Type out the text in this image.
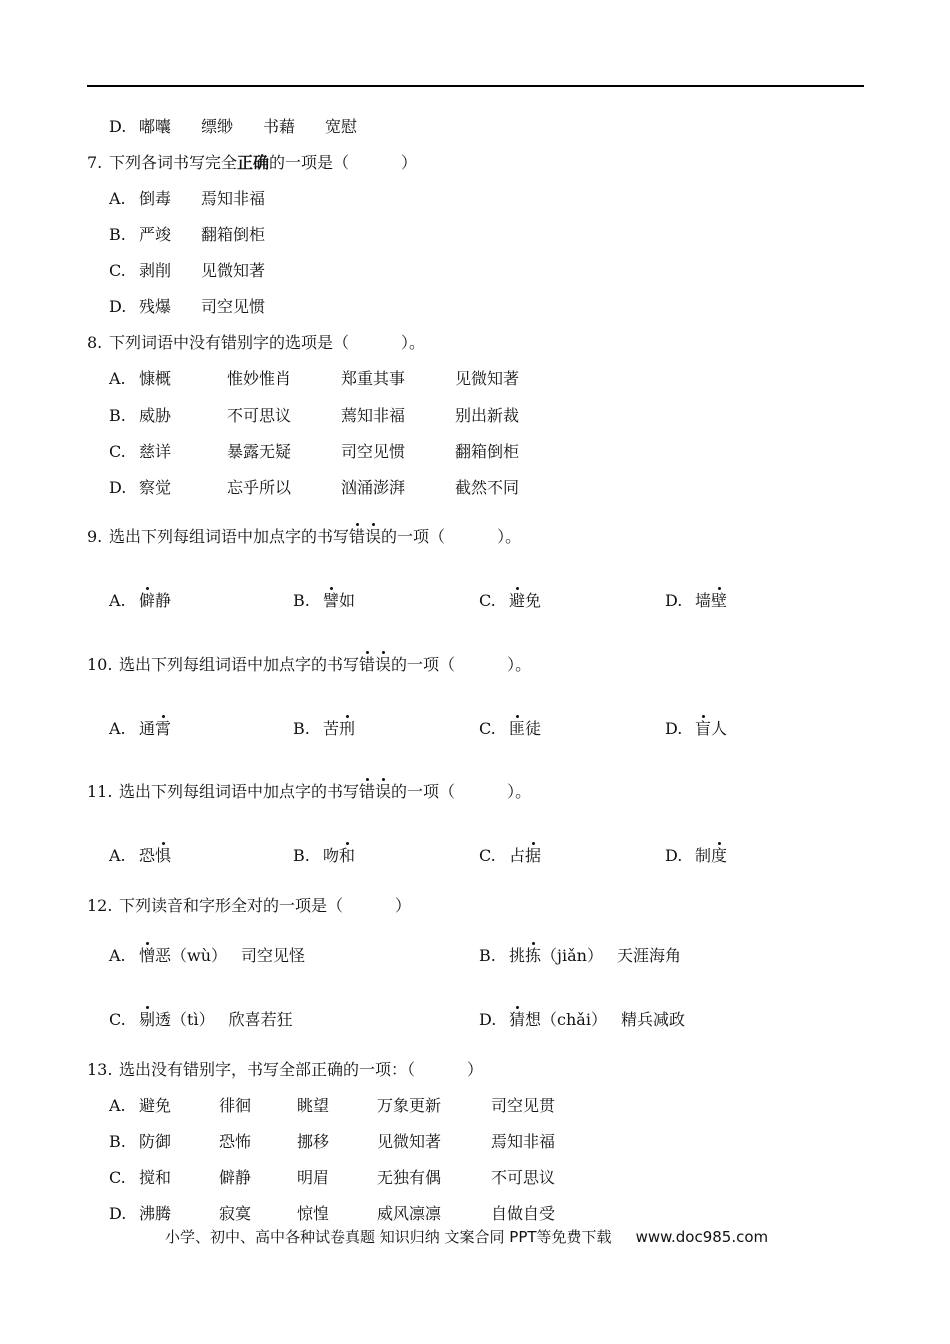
D. 嘟囔 缥缈 书藉 宽慰
7. 下列各词书写完全正确的一项是（	）
A. 倒毒 焉知非福
B. 严竣 翻箱倒柜
C. 剥削 见微知著
D. 残爆 司空见惯
8. 下列词语中没有错别字的选项是（	）。
A. 慷概	惟妙惟肖	郑重其事	见微知著
B. 威胁	不可思议	蔫知非福	别出新裁
C. 慈详	暴露无疑	司空见惯	翻箱倒柜
D. 察觉	忘乎所以	汹涌澎湃	截然不同
9. 选出下列每组词语中加点字的书写错误的一项（	）。
A. 僻静	B. 譬如	C. 避免	D. 墙壁
10. 选出下列每组词语中加点字的书写错误的一项（	）。
A. 通霄	B. 苦刑	C. 匪徒	D. 盲人
11. 选出下列每组词语中加点字的书写错误的一项（	）。
A. 恐惧	B. 吻和	C. 占据	D. 制度
12. 下列读音和字形全对的一项是（	）
A. 憎恶（wù） 司空见怪	B. 挑拣（jiǎn） 天涯海角
C. 剔透（tì） 欣喜若狂	D. 猜想（chǎi） 精兵减政
13. 选出没有错别字，书写全部正确的一项：（	）
A. 避免	徘徊	眺望	万象更新	司空见贯
B. 防御	恐怖	挪移	见微知著	焉知非福
C. 搅和	僻静	明眉	无独有偶	不可思议
D. 沸腾	寂寞	惊惶	威风凛凛	自做自受
小学、初中、高中各种试卷真题 知识归纳 文案合同 PPT等免费下载 www.doc985.com
